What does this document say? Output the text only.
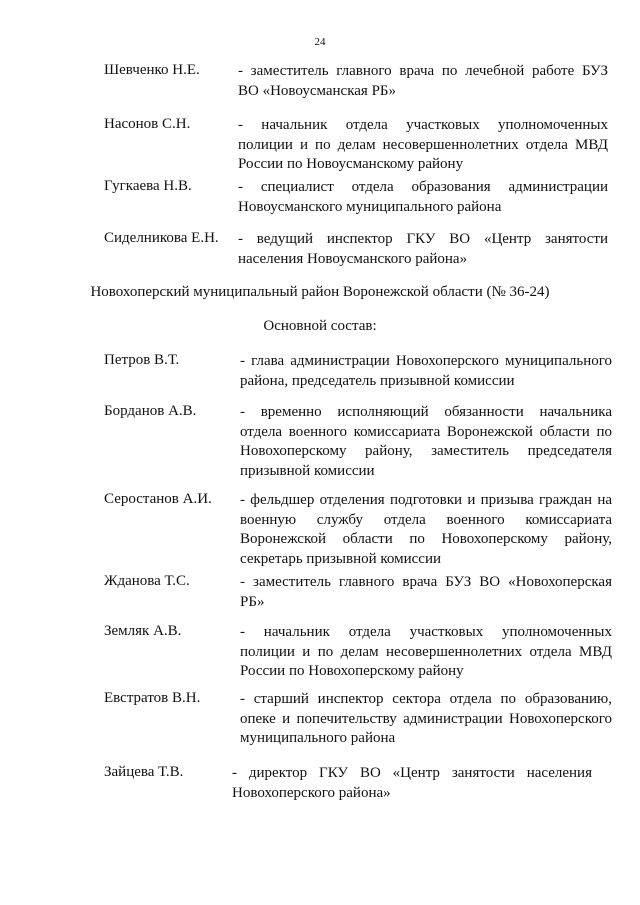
24
Шевченко Н.Е.	- заместитель главного врача по лечебной работе БУЗ
ВО «Новоусманская РБ»
Насонов С.Н.	- начальник отдела участковых уполномоченных
полиции и по делам несовершеннолетних отдела МВД
России по Новоусманскому району
Гугкаева Н.В.	- специалист отдела образования администрации
Новоусманского муниципального района
Сиделникова Е.Н. - ведущий инспектор ГКУ ВО «Центр занятости
населения Новоусманского района»
Новохоперский муниципальный район Воронежской области (№ 36-24)
Основной состав:
Петров В.Т.	- глава администрации Новохоперского муниципального
района, председатель призывной комиссии
Борданов А.В.	- временно исполняющий обязанности начальника
отдела военного комиссариата Воронежской области по
Новохоперскому району, заместитель председателя
призывной комиссии
Серостанов А.И. - фельдшер отделения подготовки и призыва граждан на
военную службу отдела военного комиссариата
Воронежской области по Новохоперскому району,
секретарь призывной комиссии
Жданова Т.С.	- заместитель главного врача БУЗ ВО «Новохоперская
РБ»
Земляк А.В.	- начальник отдела участковых уполномоченных
полиции и по делам несовершеннолетних отдела МВД
России по Новохоперскому району
Евстратов В.Н.	- старший инспектор сектора отдела по образованию,
опеке и попечительству администрации Новохоперского
муниципального района
Зайцева Т.В.	- директор ГКУ ВО «Центр занятости населения
Новохоперского района»
